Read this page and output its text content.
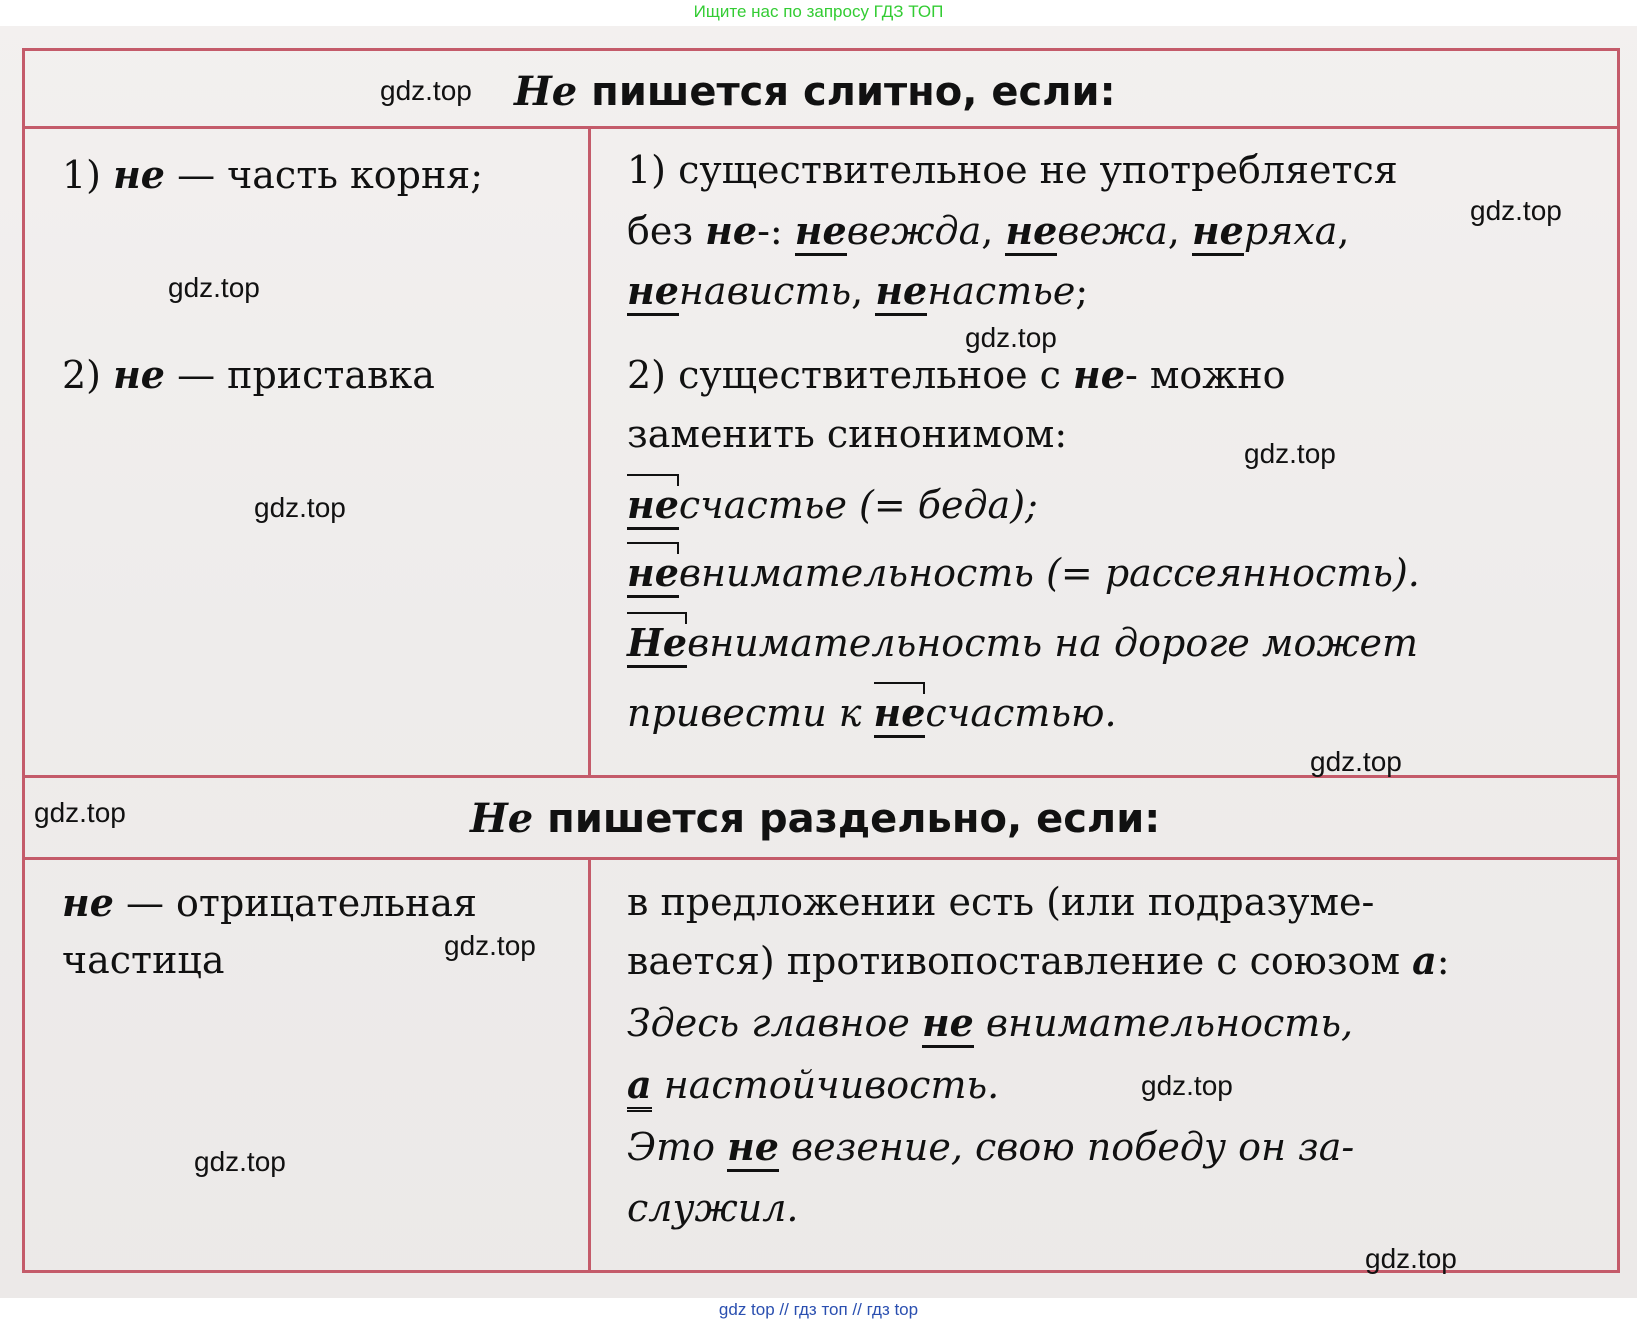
Ищите нас по запросу ГДЗ ТОП
Не пишется слитно, если:
1) не — часть корня;	1) существительное не употребляется
без не-: невежда, невежа, неряха,
ненависть, ненастье;
2) не — приставка	2) существительное с не- можно
заменить синонимом:
несчастье (= беда);
невнимательность (= рассеянность).
Невнимательность на дороге может
привести к несчастью.
Не пишется раздельно, если:
не — отрицательная
частица
в предложении есть (или подразуме-
вается) противопоставление с союзом а:
Здесь главное не внимательность,
а настойчивость.
Это не везение, свою победу он за-
служил.
gdz.top
gdz.top
gdz.top
gdz.top
gdz.top
gdz.top
gdz.top
gdz.top
gdz.top
gdz.top
gdz.top
gdz.top
gdz top // гдз топ // гдз top
